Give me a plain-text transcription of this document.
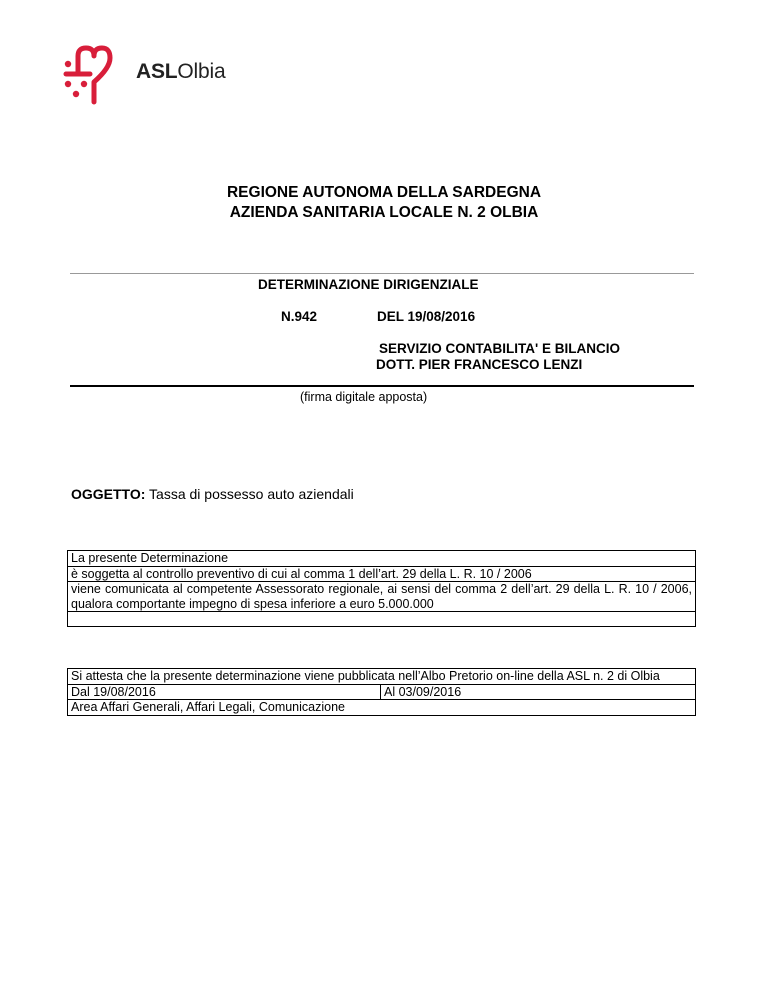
ASLOlbia
REGIONE AUTONOMA DELLA SARDEGNA
AZIENDA SANITARIA LOCALE N. 2 OLBIA
DETERMINAZIONE DIRIGENZIALE
N.942	DEL 19/08/2016
SERVIZIO CONTABILITA' E BILANCIO
DOTT. PIER FRANCESCO LENZI
(firma digitale apposta)
OGGETTO: Tassa di possesso auto aziendali
La presente Determinazione
è soggetta al controllo preventivo di cui al comma 1 dell’art. 29 della L. R. 10 / 2006
viene comunicata al competente Assessorato regionale, ai sensi del comma 2 dell’art. 29 della L. R. 10 / 2006, qualora comportante impegno di spesa inferiore a euro 5.000.000

Si attesta che la presente determinazione viene pubblicata nell’Albo Pretorio on-line della ASL n. 2 di Olbia
Dal 19/08/2016	Al 03/09/2016
Area Affari Generali, Affari Legali, Comunicazione
